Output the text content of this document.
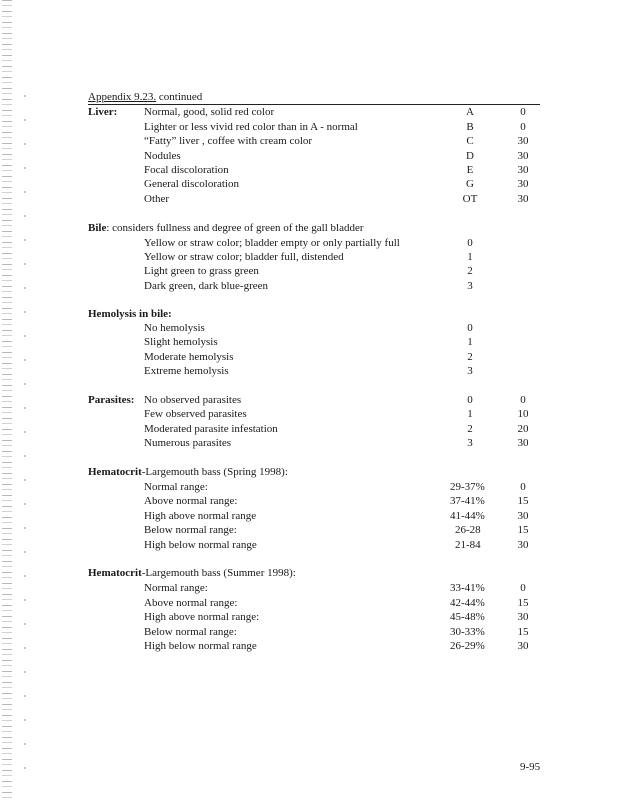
Appendix 9.23. continued
Liver: Normal, good, solid red color	A	0
Lighter or less vivid red color than in A - normal	B	0
“Fatty” liver , coffee with cream color	C	30
Nodules	D	30
Focal discoloration	E	30
General discoloration	G	30
Other	OT	30
Bile: considers fullness and degree of green of the gall bladder
Yellow or straw color; bladder empty or only partially full	0
Yellow or straw color; bladder full, distended	1
Light green to grass green	2
Dark green, dark blue-green	3
Hemolysis in bile:
No hemolysis	0
Slight hemolysis	1
Moderate hemolysis	2
Extreme hemolysis	3
Parasites: No observed parasites	0	0
Few observed parasites	1	10
Moderated parasite infestation	2	20
Numerous parasites	3	30
Hematocrit-Largemouth bass (Spring 1998):
Normal range:	29-37%	0
Above normal range:	37-41%	15
High above normal range	41-44%	30
Below normal range:	26-28	15
High below normal range	21-84	30
Hematocrit-Largemouth bass (Summer 1998):
Normal range:	33-41%	0
Above normal range:	42-44%	15
High above normal range:	45-48%	30
Below normal range:	30-33%	15
High below normal range	26-29%	30
9-95
